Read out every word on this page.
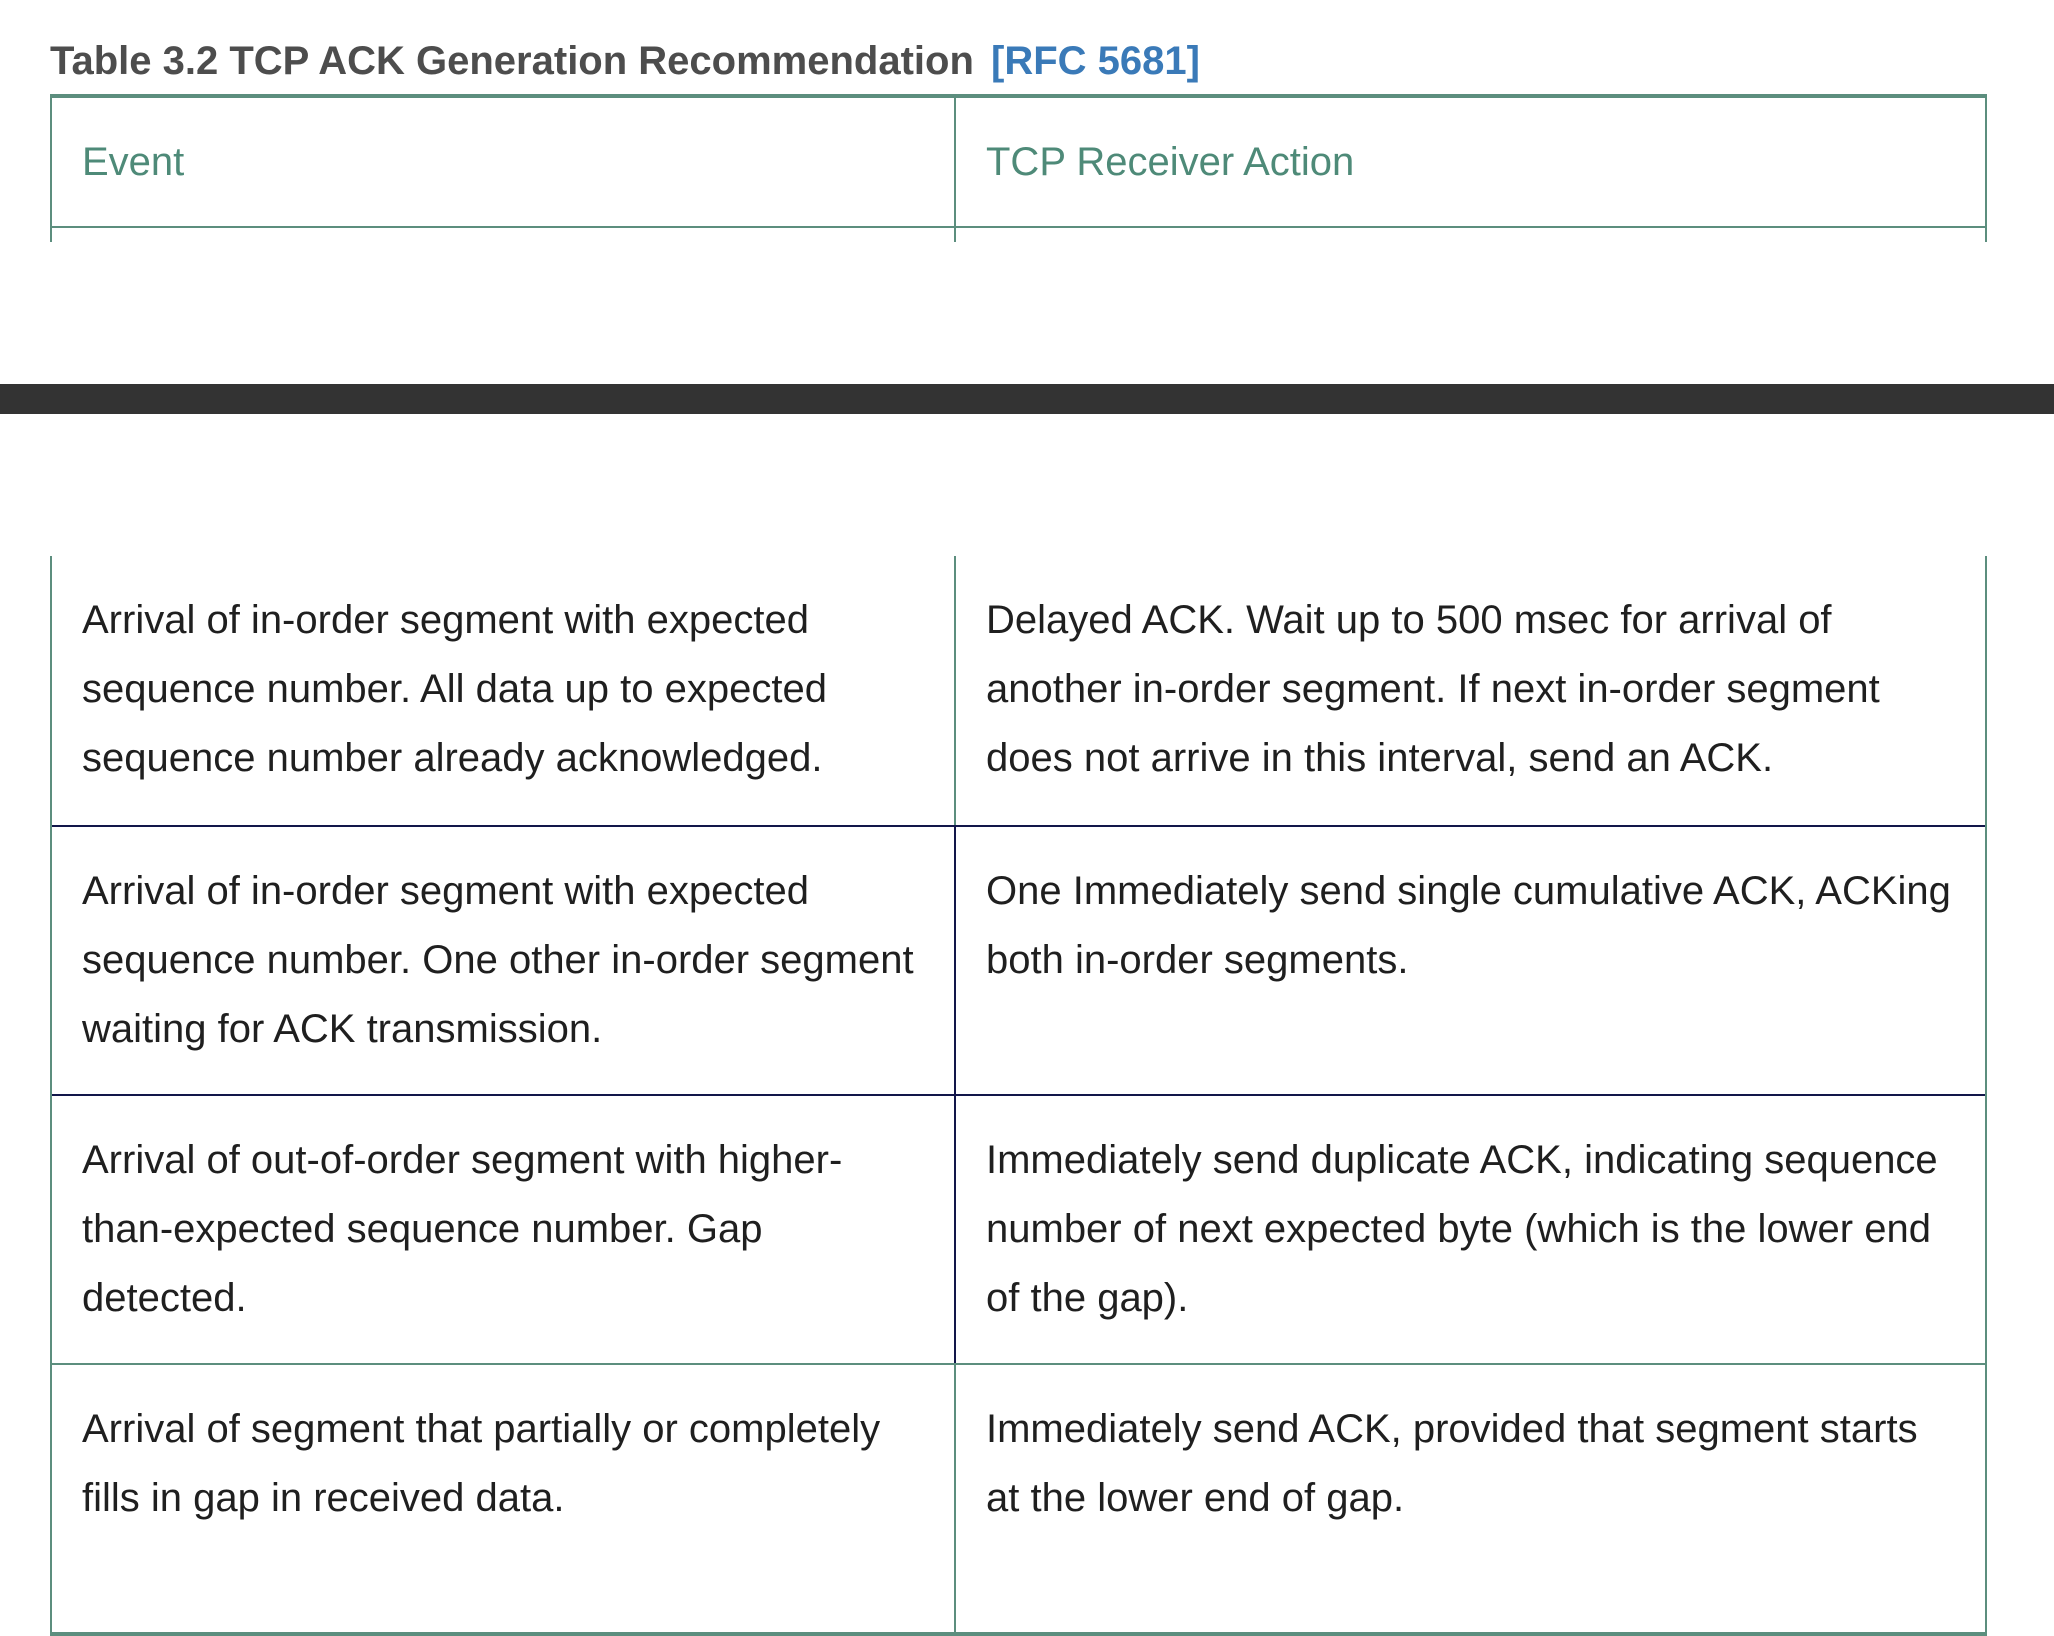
Table 3.2 TCP ACK Generation Recommendation [RFC 5681]
Event	TCP Receiver Action
Arrival of in-order segment with expected sequence number. All data up to expected sequence number already acknowledged.
Delayed ACK. Wait up to 500 msec for arrival of another in-order segment. If next in-order segment does not arrive in this interval, send an ACK.
Arrival of in-order segment with expected sequence number. One other in-order segment waiting for ACK transmission.
One Immediately send single cumulative ACK, ACKing both in-order segments.
Arrival of out-of-order segment with higher-than-expected sequence number. Gap detected.
Immediately send duplicate ACK, indicating sequence number of next expected byte (which is the lower end of the gap).
Arrival of segment that partially or completely fills in gap in received data.
Immediately send ACK, provided that segment starts at the lower end of gap.
